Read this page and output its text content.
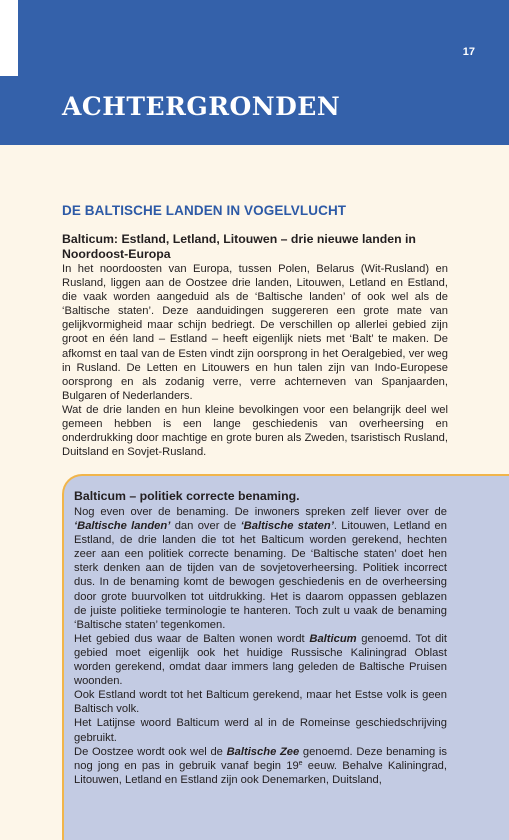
17
ACHTERGRONDEN
DE BALTISCHE LANDEN IN VOGELVLUCHT
Balticum: Estland, Letland, Litouwen – drie nieuwe landen in Noordoost-Europa

In het noordoosten van Europa, tussen Polen, Belarus (Wit-Rusland) en Rusland, liggen aan de Oostzee drie landen, Litouwen, Letland en Estland, die vaak worden aangeduid als de ‘Baltische landen’ of ook wel als de ‘Baltische staten’. Deze aanduidingen suggereren een grote mate van gelijkvormigheid maar schijn bedriegt. De verschillen op allerlei gebied zijn groot en één land – Estland – heeft eigenlijk niets met ‘Balt’ te maken. De afkomst en taal van de Esten vindt zijn oorsprong in het Oeralgebied, ver weg in Rusland. De Letten en Litouwers en hun talen zijn van Indo-Europese oorsprong en als zodanig verre, verre achterneven van Spanjaarden, Bulgaren of Nederlanders.

Wat de drie landen en hun kleine bevolkingen voor een belangrijk deel wel gemeen hebben is een lange geschiedenis van overheersing en onderdrukking door machtige en grote buren als Zweden, tsaristisch Rusland, Duitsland en Sovjet-Rusland.

Balticum – politiek correcte benaming.

Nog even over de benaming. De inwoners spreken zelf liever over de ‘Baltische landen’ dan over de ‘Baltische staten’. Litouwen, Letland en Estland, de drie landen die tot het Balticum worden gerekend, hechten zeer aan een politiek correcte benaming. De ‘Baltische staten’ doet hen sterk denken aan de tijden van de sovjetoverheersing. Politiek incorrect dus. In de benaming komt de bewogen geschiedenis en de overheersing door grote buurvolken tot uitdrukking. Het is daarom oppassen geblazen de juiste politieke terminologie te hanteren. Toch zult u vaak de benaming ‘Baltische staten’ tegenkomen.

Het gebied dus waar de Balten wonen wordt Balticum genoemd. Tot dit gebied moet eigenlijk ook het huidige Russische Kaliningrad Oblast worden gerekend, omdat daar immers lang geleden de Baltische Pruisen woonden.

Ook Estland wordt tot het Balticum gerekend, maar het Estse volk is geen Baltisch volk.

Het Latijnse woord Balticum werd al in de Romeinse geschiedschrijving gebruikt.

De Oostzee wordt ook wel de Baltische Zee genoemd. Deze benaming is nog jong en pas in gebruik vanaf begin 19e eeuw. Behalve Kaliningrad, Litouwen, Letland en Estland zijn ook Denemarken, Duitsland,
